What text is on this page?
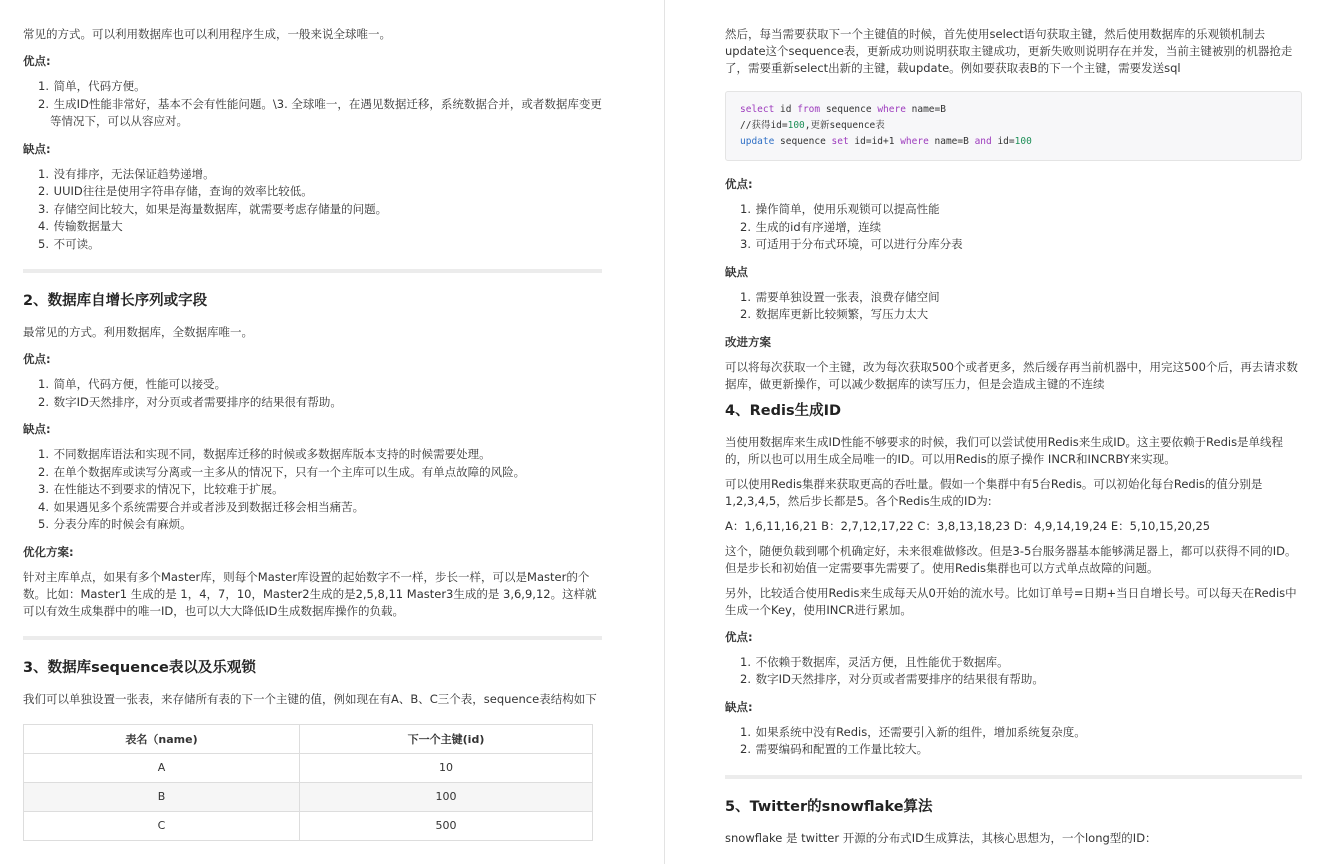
常见的方式。可以利用数据库也可以利用程序生成，一般来说全球唯一。

优点:
1. 简单，代码方便。
2. 生成ID性能非常好，基本不会有性能问题。\3. 全球唯一，在遇见数据迁移，系统数据合并，或者数据库变更等情况下，可以从容应对。
缺点:
1. 没有排序，无法保证趋势递增。
2. UUID往往是使用字符串存储，查询的效率比较低。
3. 存储空间比较大，如果是海量数据库，就需要考虑存储量的问题。
4. 传输数据量大
5. 不可读。
2、数据库自增长序列或字段

最常见的方式。利用数据库，全数据库唯一。

优点:
1. 简单，代码方便，性能可以接受。
2. 数字ID天然排序，对分页或者需要排序的结果很有帮助。
缺点:
1. 不同数据库语法和实现不同，数据库迁移的时候或多数据库版本支持的时候需要处理。
2. 在单个数据库或读写分离或一主多从的情况下，只有一个主库可以生成。有单点故障的风险。
3. 在性能达不到要求的情况下，比较难于扩展。
4. 如果遇见多个系统需要合并或者涉及到数据迁移会相当痛苦。
5. 分表分库的时候会有麻烦。
优化方案:

针对主库单点，如果有多个Master库，则每个Master库设置的起始数字不一样，步长一样，可以是Master的个数。比如：Master1 生成的是 1，4，7，10，Master2生成的是2,5,8,11 Master3生成的是 3,6,9,12。这样就可以有效生成集群中的唯一ID，也可以大大降低ID生成数据库操作的负载。

3、数据库sequence表以及乐观锁

我们可以单独设置一张表，来存储所有表的下一个主键的值，例如现在有A、B、C三个表，sequence表结构如下

表名（name)	下一个主键(id)
A	10
B	100
C	500

然后，每当需要获取下一个主键值的时候，首先使用select语句获取主键，然后使用数据库的乐观锁机制去update这个sequence表，更新成功则说明获取主键成功，更新失败则说明存在并发，当前主键被别的机器抢走了，需要重新select出新的主键，载update。例如要获取表B的下一个主键，需要发送sql

select id from sequence where name=B
//获得id=100,更新sequence表
update sequence set id=id+1 where name=B and id=100
优点:
1. 操作简单，使用乐观锁可以提高性能
2. 生成的id有序递增，连续
3. 可适用于分布式环境，可以进行分库分表
缺点
1. 需要单独设置一张表，浪费存储空间
2. 数据库更新比较频繁，写压力太大
改进方案

可以将每次获取一个主键，改为每次获取500个或者更多，然后缓存再当前机器中，用完这500个后，再去请求数据库，做更新操作，可以减少数据库的读写压力，但是会造成主键的不连续

4、Redis生成ID

当使用数据库来生成ID性能不够要求的时候，我们可以尝试使用Redis来生成ID。这主要依赖于Redis是单线程的，所以也可以用生成全局唯一的ID。可以用Redis的原子操作 INCR和INCRBY来实现。

可以使用Redis集群来获取更高的吞吐量。假如一个集群中有5台Redis。可以初始化每台Redis的值分别是1,2,3,4,5，然后步长都是5。各个Redis生成的ID为:

A：1,6,11,16,21 B：2,7,12,17,22 C：3,8,13,18,23 D：4,9,14,19,24 E：5,10,15,20,25

这个，随便负载到哪个机确定好，未来很难做修改。但是3-5台服务器基本能够满足器上，都可以获得不同的ID。但是步长和初始值一定需要事先需要了。使用Redis集群也可以方式单点故障的问题。

另外，比较适合使用Redis来生成每天从0开始的流水号。比如订单号=日期+当日自增长号。可以每天在Redis中生成一个Key，使用INCR进行累加。

优点:
1. 不依赖于数据库，灵活方便，且性能优于数据库。
2. 数字ID天然排序，对分页或者需要排序的结果很有帮助。
缺点:
1. 如果系统中没有Redis，还需要引入新的组件，增加系统复杂度。
2. 需要编码和配置的工作量比较大。
5、Twitter的snowflake算法

snowflake 是 twitter 开源的分布式ID生成算法，其核心思想为，一个long型的ID：
